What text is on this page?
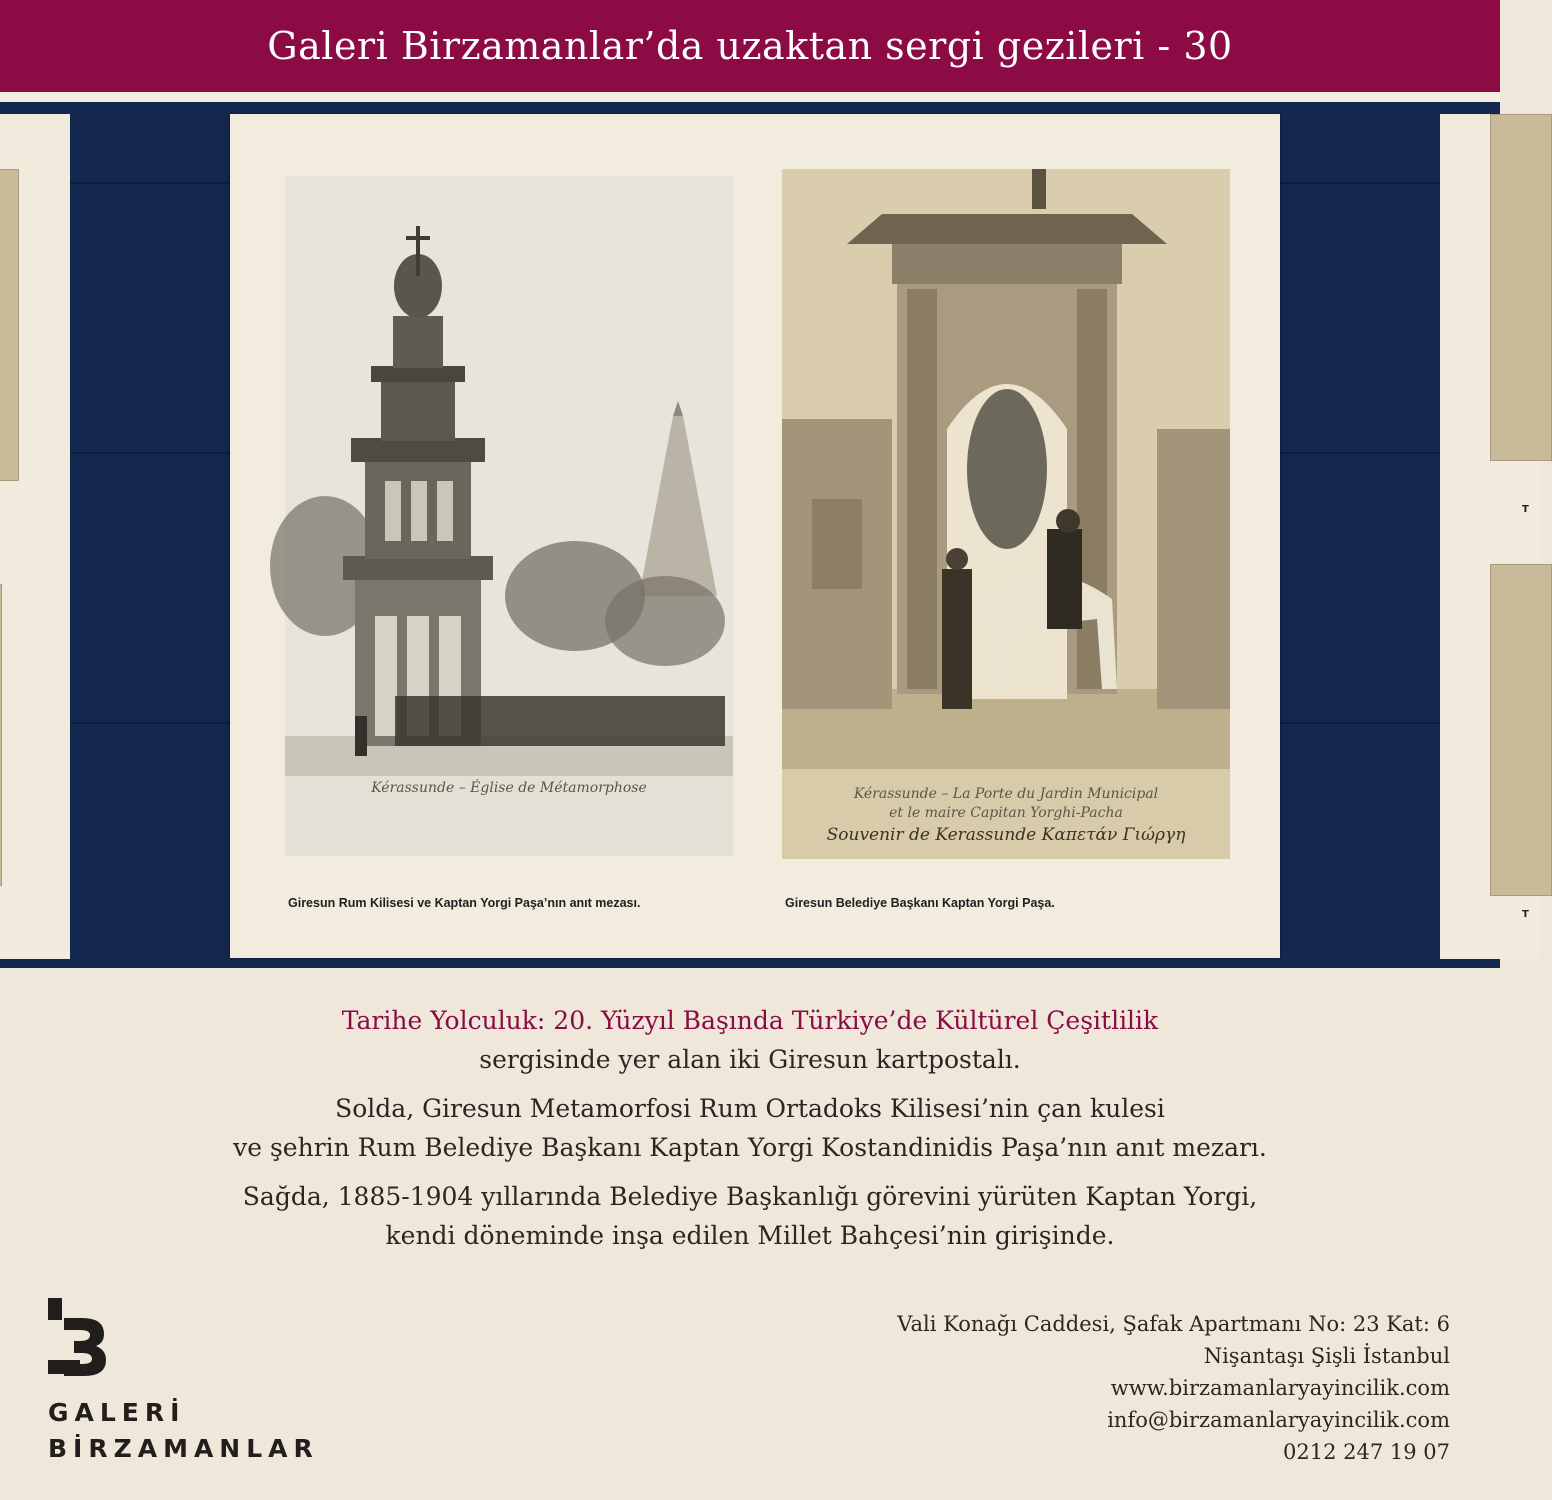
Galeri Birzamanlar’da uzaktan sergi gezileri - 30
T
T
Kérassunde – Église de Métamorphose
Giresun Rum Kilisesi ve Kaptan Yorgi Paşa’nın anıt mezası.
Kérassunde – La Porte du Jardin Municipal
et le maire Capitan Yorghi-Pacha
Souvenir de Kerassunde Καπετάν Γιώργη
Giresun Belediye Başkanı Kaptan Yorgi Paşa.
Tarihe Yolculuk: 20. Yüzyıl Başında Türkiye’de Kültürel Çeşitlilik
sergisinde yer alan iki Giresun kartpostalı.
Solda, Giresun Metamorfosi Rum Ortadoks Kilisesi’nin çan kulesi
ve şehrin Rum Belediye Başkanı Kaptan Yorgi Kostandinidis Paşa’nın anıt mezarı.
Sağda, 1885-1904 yıllarında Belediye Başkanlığı görevini yürüten Kaptan Yorgi,
kendi döneminde inşa edilen Millet Bahçesi’nin girişinde.
GALERİ
BİRZAMANLAR
Vali Konağı Caddesi, Şafak Apartmanı No: 23 Kat: 6
Nişantaşı Şişli İstanbul
www.birzamanlaryayincilik.com
info@birzamanlaryayincilik.com
0212 247 19 07
